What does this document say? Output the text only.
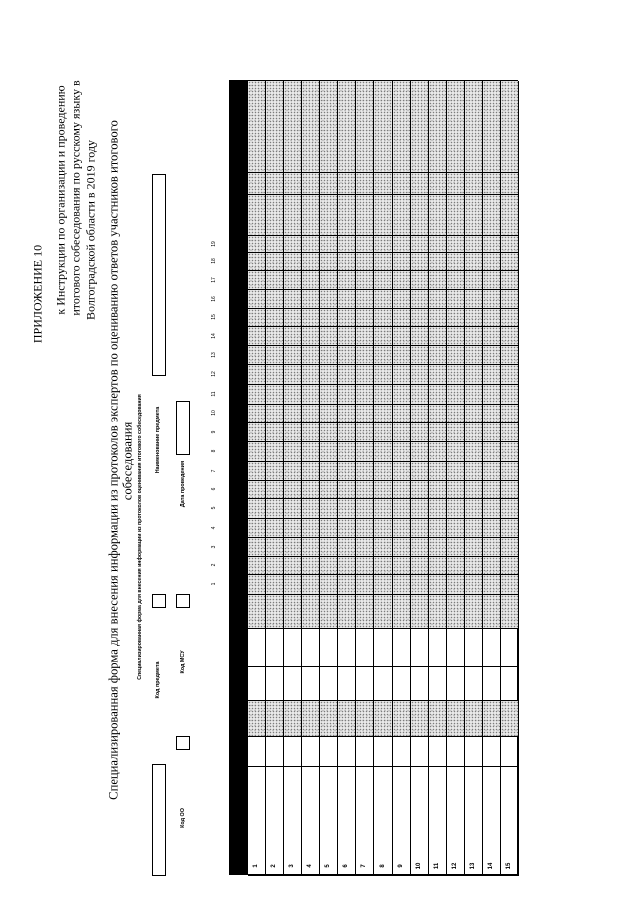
ПРИЛОЖЕНИЕ 10 к Инструкции по организации и проведению итогового собеседования по русскому языку в Волгоградской области в 2019 году Специализированная форма для внесения информации из протоколов экспертов по оцениванию ответов участников итогового собеседования Специализированная форма для внесения информации из протоколов оценивания итогового собеседования
Код предмета
Наименование предмета
Код ОО
Код МСУ
Дата проведения
1 2 3 4 5 6 7 8 9 10 11 12 13 14 15
1
2
3
4
5
6
7
8
9
10
11
12
13
14
15
16
17
18
19
